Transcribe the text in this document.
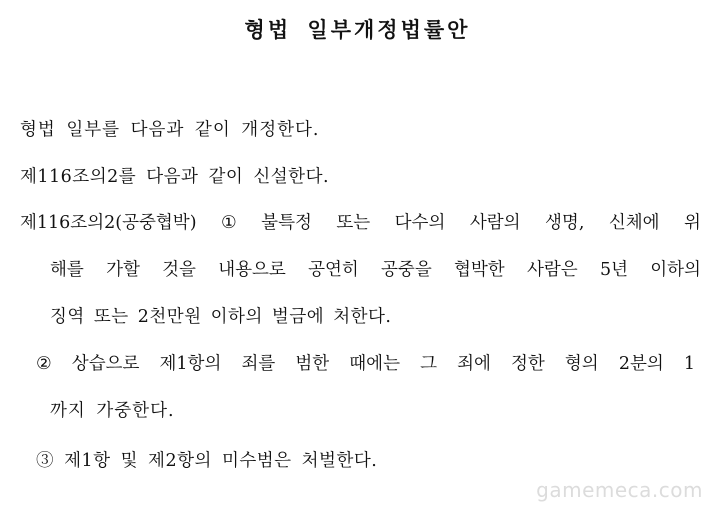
형법 일부개정법률안
형법 일부를 다음과 같이 개정한다.
제116조의2를 다음과 같이 신설한다.
제116조의2(공중협박) ① 불특정 또는 다수의 사람의 생명, 신체에 위
해를 가할 것을 내용으로 공연히 공중을 협박한 사람은 5년 이하의
징역 또는 2천만원 이하의 벌금에 처한다.
② 상습으로 제1항의 죄를 범한 때에는 그 죄에 정한 형의 2분의 1
까지 가중한다.
③ 제1항 및 제2항의 미수범은 처벌한다.
gamemeca.com
